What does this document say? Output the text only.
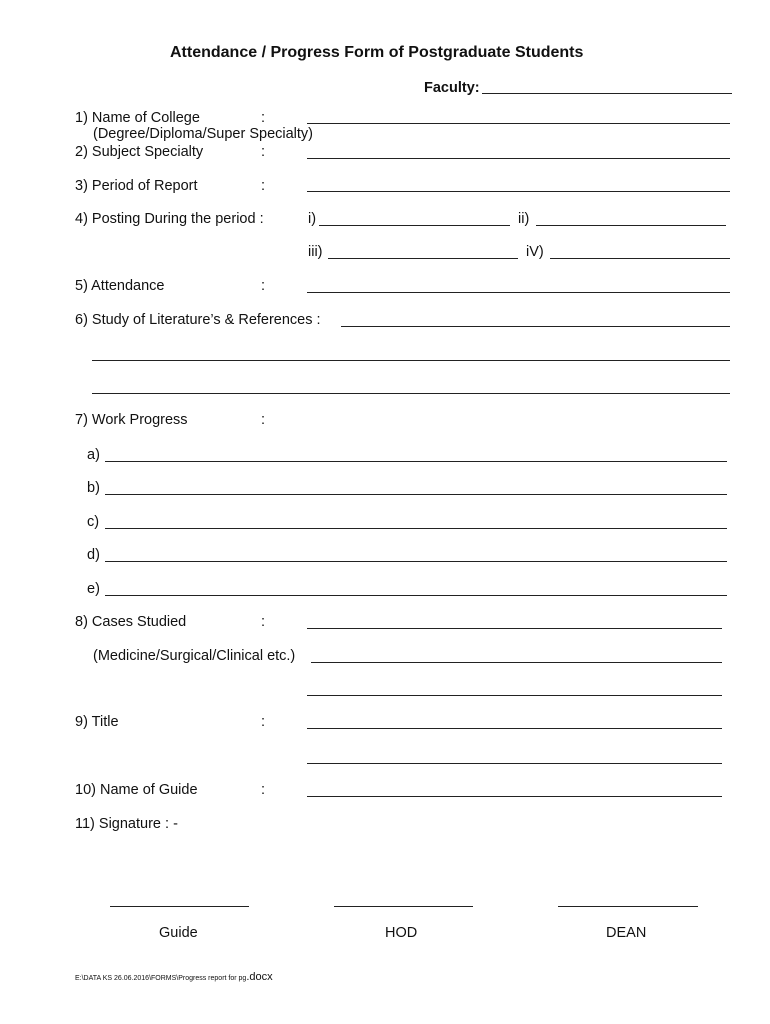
Attendance / Progress Form of Postgraduate Students
Faculty:
1) Name of College	:
(Degree/Diploma/Super Specialty)
2) Subject Specialty	:
3) Period of Report	:
4) Posting During the period :	i)	ii)
iii)	iV)
5) Attendance	:
6) Study of Literature’s & References :
7) Work Progress	:
a)
b)
c)
d)
e)
8) Cases Studied	:
(Medicine/Surgical/Clinical etc.)
9) Title	:
10) Name of Guide	:
11) Signature : -
Guide	HOD	DEAN
E:\DATA KS 26.06.2016\FORMS\Progress report for pg.docx
